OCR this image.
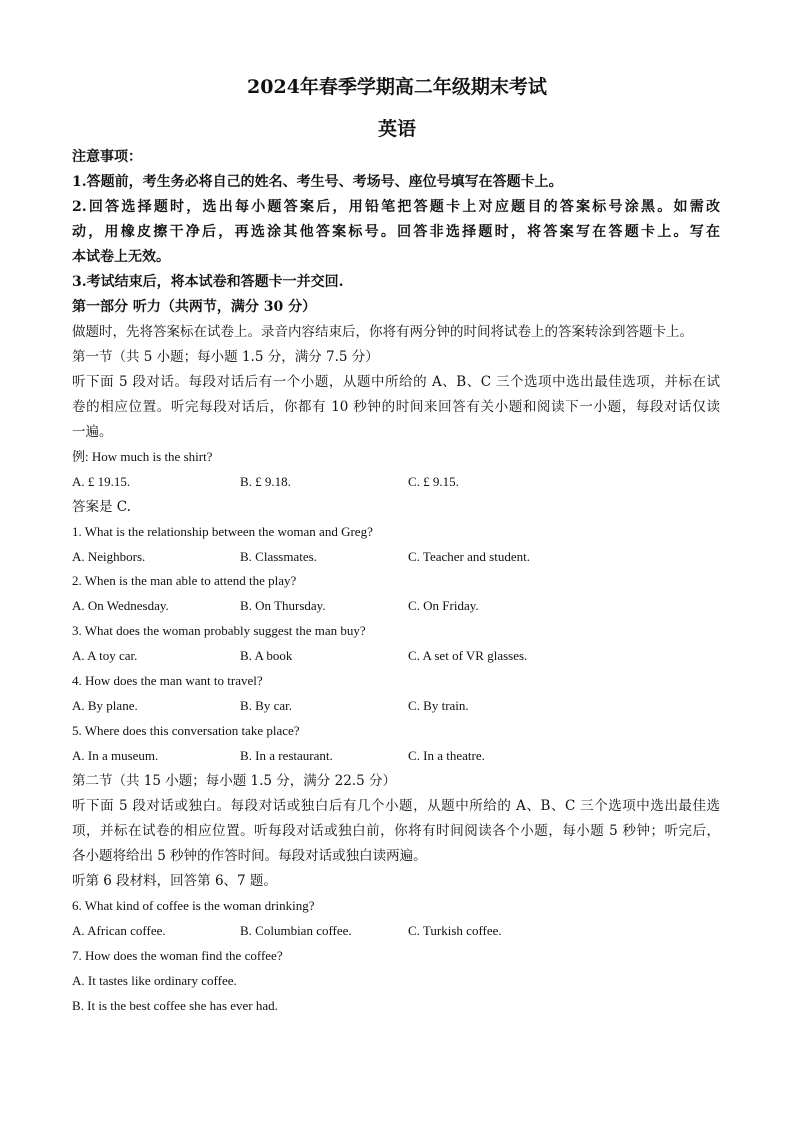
2024年春季学期高二年级期末考试
英语
注意事项：
1.答题前，考生务必将自己的姓名、考生号、考场号、座位号填写在答题卡上。
2.回答选择题时，选出每小题答案后，用铅笔把答题卡上对应题目的答案标号涂黑。如需改
动，用橡皮擦干净后，再选涂其他答案标号。回答非选择题时，将答案写在答题卡上。写在
本试卷上无效。
3.考试结束后，将本试卷和答题卡一并交回.
第一部分 听力（共两节，满分 30 分）
做题时，先将答案标在试卷上。录音内容结束后，你将有两分钟的时间将试卷上的答案转涂到答题卡上。
第一节（共 5 小题；每小题 1.5 分，满分 7.5 分）
听下面 5 段对话。每段对话后有一个小题，从题中所给的 A、B、C 三个选项中选出最佳选项，并标在试
卷的相应位置。听完每段对话后，你都有 10 秒钟的时间来回答有关小题和阅读下一小题，每段对话仅读
一遍。
例: How much is the shirt?
A. £ 19.15.	B. £ 9.18.	C. £ 9.15.
答案是 C.
1. What is the relationship between the woman and Greg?
A. Neighbors.	B. Classmates.	C. Teacher and student.
2. When is the man able to attend the play?
A. On Wednesday.	B. On Thursday.	C. On Friday.
3. What does the woman probably suggest the man buy?
A. A toy car.	B. A book	C. A set of VR glasses.
4. How does the man want to travel?
A. By plane.	B. By car.	C. By train.
5. Where does this conversation take place?
A. In a museum.	B. In a restaurant.	C. In a theatre.
第二节（共 15 小题；每小题 1.5 分，满分 22.5 分）
听下面 5 段对话或独白。每段对话或独白后有几个小题，从题中所给的 A、B、C 三个选项中选出最佳选
项，并标在试卷的相应位置。听每段对话或独白前，你将有时间阅读各个小题，每小题 5 秒钟；听完后，
各小题将给出 5 秒钟的作答时间。每段对话或独白读两遍。
听第 6 段材料，回答第 6、7 题。
6. What kind of coffee is the woman drinking?
A. African coffee.	B. Columbian coffee.	C. Turkish coffee.
7. How does the woman find the coffee?
A. It tastes like ordinary coffee.
B. It is the best coffee she has ever had.
